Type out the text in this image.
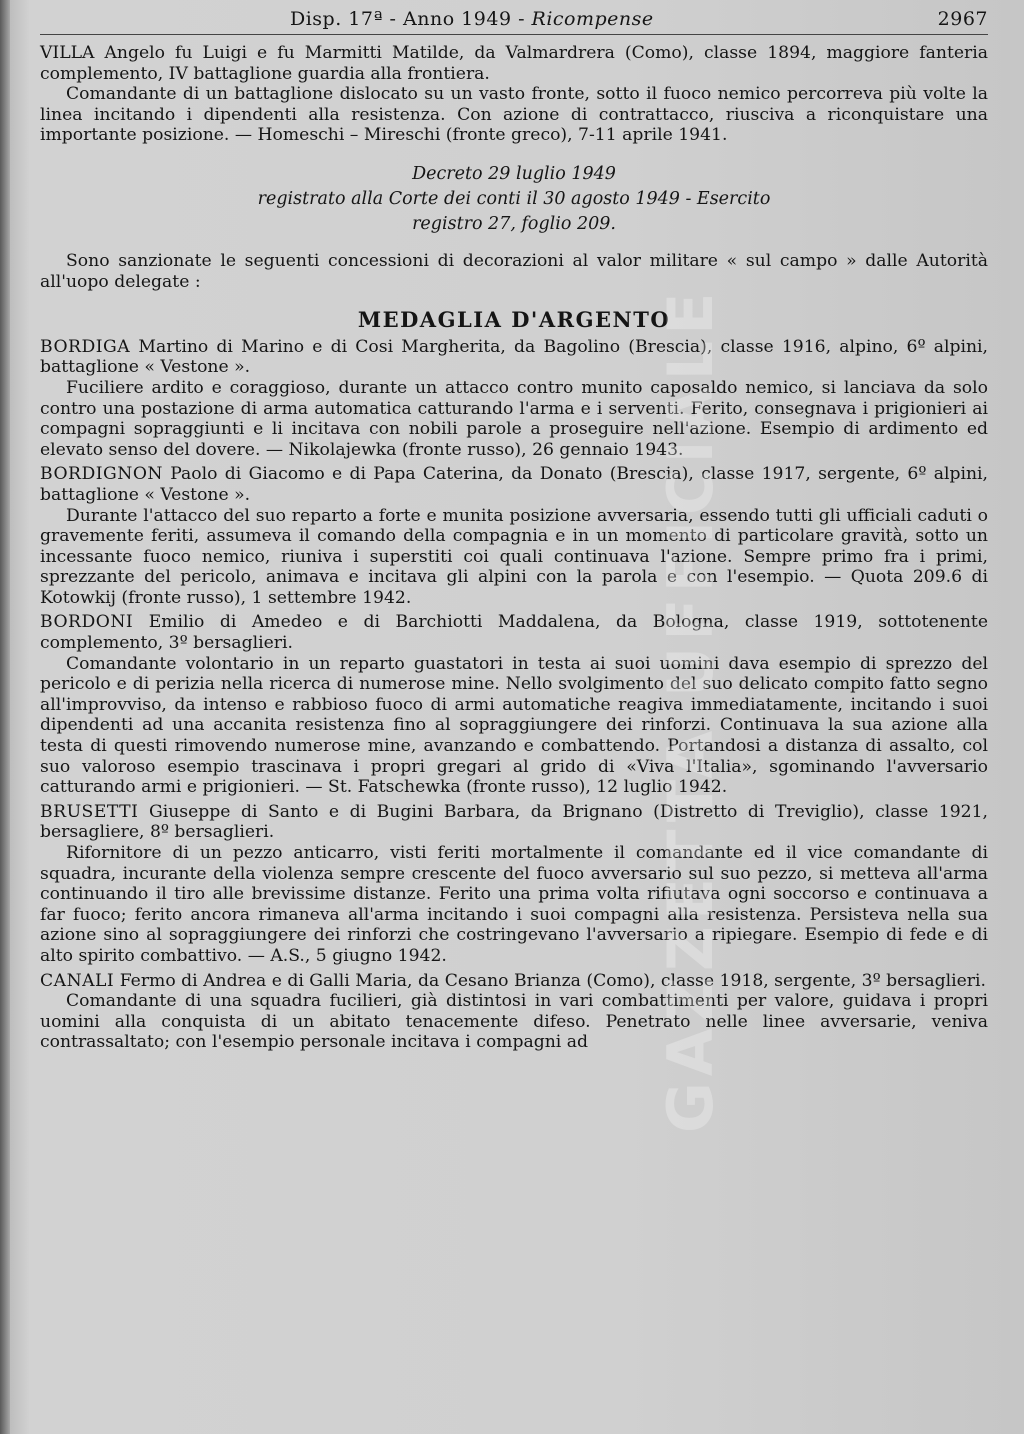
Disp. 17ª - Anno 1949 - Ricompense	2967

VILLA Angelo fu Luigi e fu Marmitti Matilde, da Valmardrera (Como), classe 1894, maggiore fanteria complemento, IV battaglione guardia alla frontiera.

Comandante di un battaglione dislocato su un vasto fronte, sotto il fuoco nemico percorreva più volte la linea incitando i dipendenti alla resistenza. Con azione di contrattacco, riusciva a riconquistare una importante posizione. — Homeschi – Mireschi (fronte greco), 7-11 aprile 1941.

Decreto 29 luglio 1949
registrato alla Corte dei conti il 30 agosto 1949 - Esercito
registro 27, foglio 209.

Sono sanzionate le seguenti concessioni di decorazioni al valor militare « sul campo » dalle Autorità all'uopo delegate :

MEDAGLIA D'ARGENTO

BORDIGA Martino di Marino e di Cosi Margherita, da Bagolino (Brescia), classe 1916, alpino, 6º alpini, battaglione « Vestone ».

Fuciliere ardito e coraggioso, durante un attacco contro munito caposaldo nemico, si lanciava da solo contro una postazione di arma automatica catturando l'arma e i serventi. Ferito, consegnava i prigionieri ai compagni sopraggiunti e li incitava con nobili parole a proseguire nell'azione. Esempio di ardimento ed elevato senso del dovere. — Nikolajewka (fronte russo), 26 gennaio 1943.

BORDIGNON Paolo di Giacomo e di Papa Caterina, da Donato (Brescia), classe 1917, sergente, 6º alpini, battaglione « Vestone ».

Durante l'attacco del suo reparto a forte e munita posizione avversaria, essendo tutti gli ufficiali caduti o gravemente feriti, assumeva il comando della compagnia e in un momento di particolare gravità, sotto un incessante fuoco nemico, riuniva i superstiti coi quali continuava l'azione. Sempre primo fra i primi, sprezzante del pericolo, animava e incitava gli alpini con la parola e con l'esempio. — Quota 209.6 di Kotowkij (fronte russo), 1 settembre 1942.

BORDONI Emilio di Amedeo e di Barchiotti Maddalena, da Bologna, classe 1919, sottotenente complemento, 3º bersaglieri.

Comandante volontario in un reparto guastatori in testa ai suoi uomini dava esempio di sprezzo del pericolo e di perizia nella ricerca di numerose mine. Nello svolgimento del suo delicato compito fatto segno all'improvviso, da intenso e rabbioso fuoco di armi automatiche reagiva immediatamente, incitando i suoi dipendenti ad una accanita resistenza fino al sopraggiungere dei rinforzi. Continuava la sua azione alla testa di questi rimovendo numerose mine, avanzando e combattendo. Portandosi a distanza di assalto, col suo valoroso esempio trascinava i propri gregari al grido di «Viva l'Italia», sgominando l'avversario catturando armi e prigionieri. — St. Fatschewka (fronte russo), 12 luglio 1942.

BRUSETTI Giuseppe di Santo e di Bugini Barbara, da Brignano (Distretto di Treviglio), classe 1921, bersagliere, 8º bersaglieri.

Rifornitore di un pezzo anticarro, visti feriti mortalmente il comandante ed il vice comandante di squadra, incurante della violenza sempre crescente del fuoco avversario sul suo pezzo, si metteva all'arma continuando il tiro alle brevissime distanze. Ferito una prima volta rifiutava ogni soccorso e continuava a far fuoco; ferito ancora rimaneva all'arma incitando i suoi compagni alla resistenza. Persisteva nella sua azione sino al sopraggiungere dei rinforzi che costringevano l'avversario a ripiegare. Esempio di fede e di alto spirito combattivo. — A.S., 5 giugno 1942.

CANALI Fermo di Andrea e di Galli Maria, da Cesano Brianza (Como), classe 1918, sergente, 3º bersaglieri.

Comandante di una squadra fucilieri, già distintosi in vari combattimenti per valore, guidava i propri uomini alla conquista di un abitato tenacemente difeso. Penetrato nelle linee avversarie, veniva contrassaltato; con l'esempio personale incitava i compagni ad	GAZZETTA UFFICIALE
